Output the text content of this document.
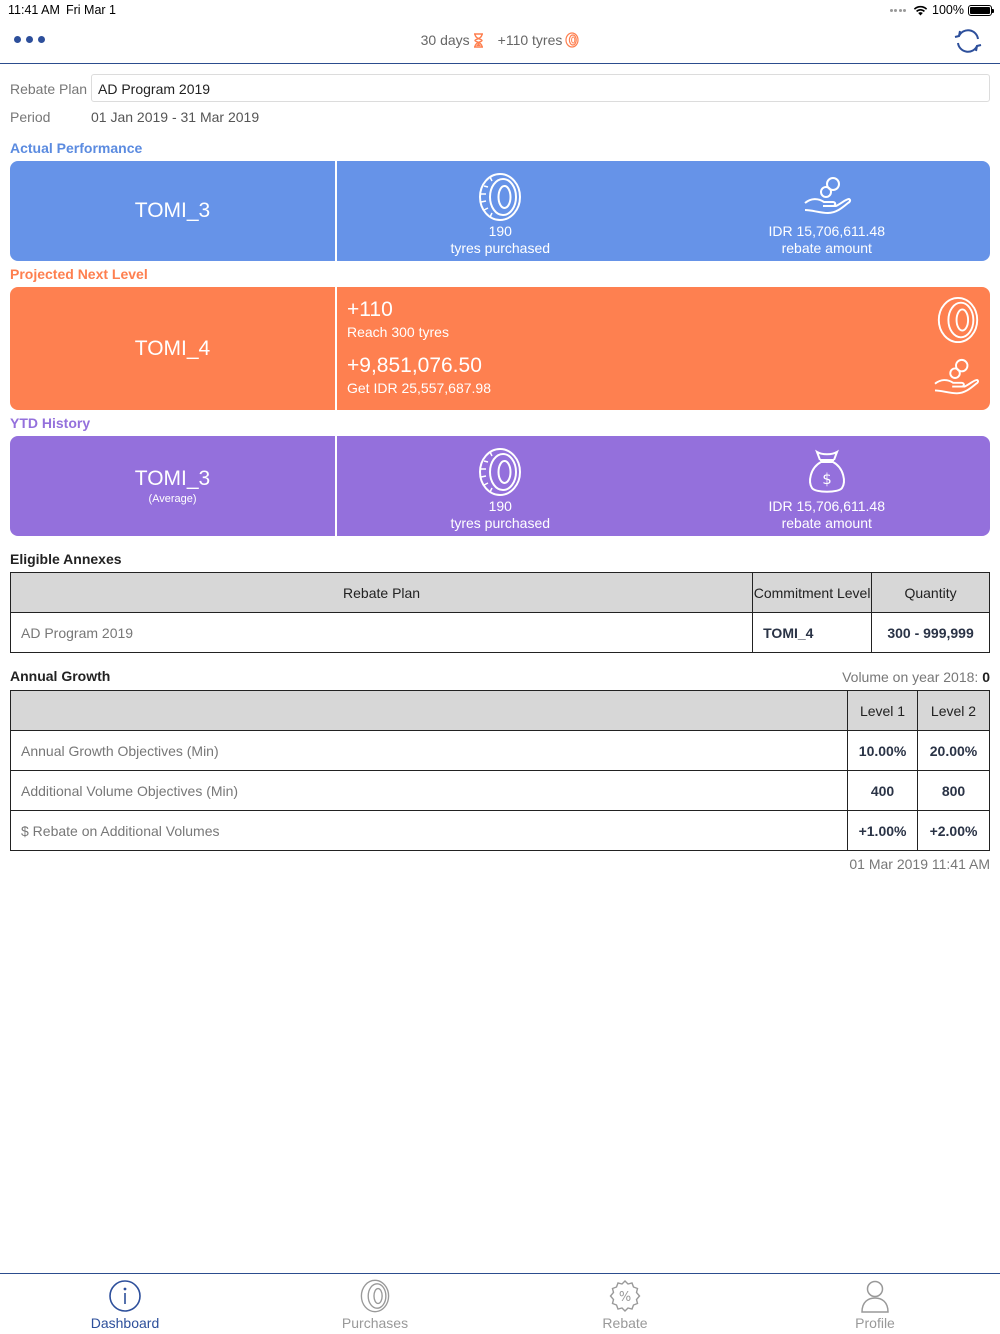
11:41 AM Fri Mar 1	100%
30 days +110 tyres
Rebate Plan AD Program 2019
Period	01 Jan 2019 - 31 Mar 2019
Actual Performance
TOMI_3
190
tyres purchased
IDR 15,706,611.48
rebate amount
Projected Next Level
TOMI_4
+110
Reach 300 tyres
+9,851,076.50
Get IDR 25,557,687.98
YTD History
TOMI_3
(Average)	190
tyres purchased
$
IDR 15,706,611.48
rebate amount
Eligible Annexes
Rebate Plan	Commitment Level	Quantity
AD Program 2019	TOMI_4	300 - 999,999
Annual Growth	Volume on year 2018: 0
	Level 1	Level 2
Annual Growth Objectives (Min)	10.00%	20.00%
Additional Volume Objectives (Min)	400	800
$ Rebate on Additional Volumes	+1.00%	+2.00%
01 Mar 2019 11:41 AM
Dashboard	Purchases
%
Rebate	Profile
